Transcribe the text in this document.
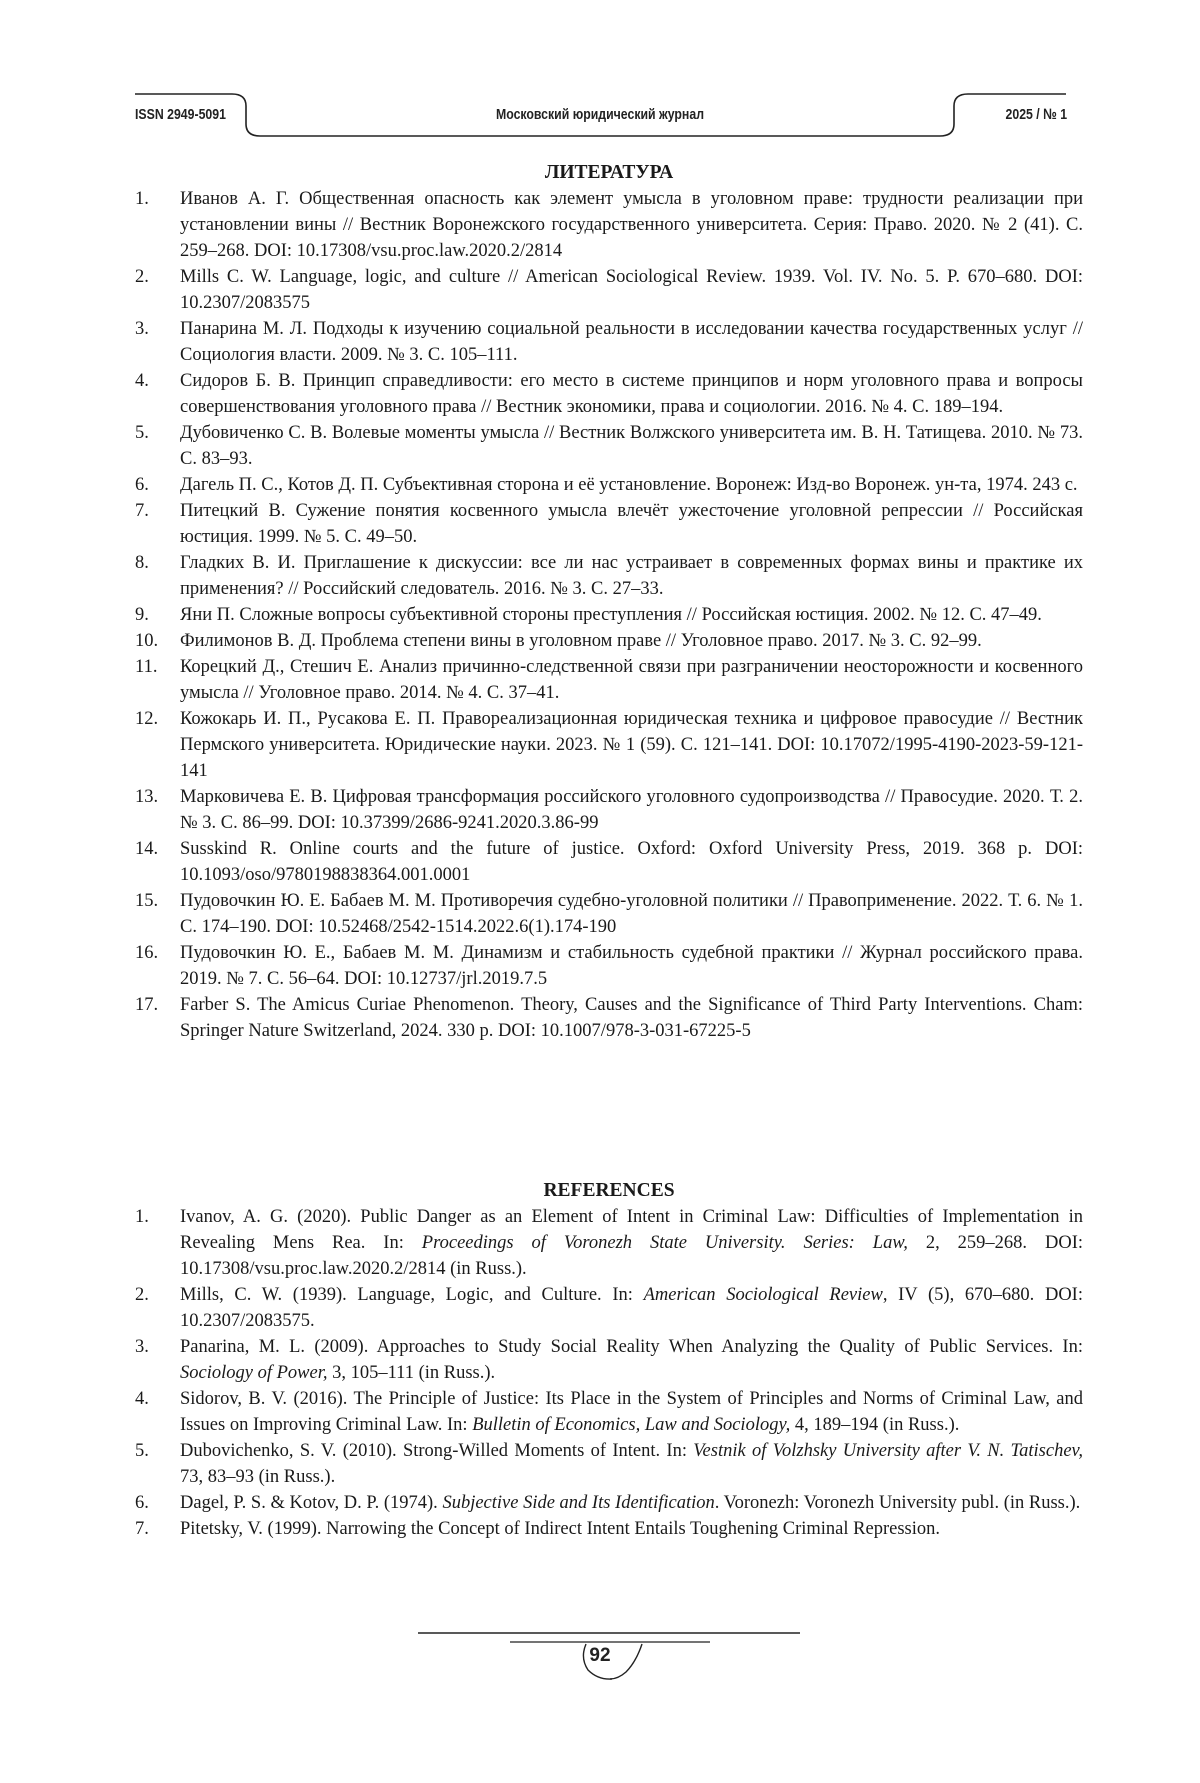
ISSN 2949-5091	Московский юридический журнал	2025 / № 1
ЛИТЕРАТУРА
1. Иванов А. Г. Общественная опасность как элемент умысла в уголовном праве: трудности реализации при установлении вины // Вестник Воронежского государственного университета. Серия: Право. 2020. № 2 (41). С. 259–268. DOI: 10.17308/vsu.proc.law.2020.2/2814
2. Mills C. W. Language, logic, and culture // American Sociological Review. 1939. Vol. IV. No. 5. P. 670–680. DOI: 10.2307/2083575
3. Панарина М. Л. Подходы к изучению социальной реальности в исследовании качества государственных услуг // Социология власти. 2009. № 3. С. 105–111.
4. Сидоров Б. В. Принцип справедливости: его место в системе принципов и норм уголовного права и вопросы совершенствования уголовного права // Вестник экономики, права и социологии. 2016. № 4. С. 189–194.
5. Дубовиченко С. В. Волевые моменты умысла // Вестник Волжского университета им. В. Н. Татищева. 2010. № 73. С. 83–93.
6. Дагель П. С., Котов Д. П. Субъективная сторона и её установление. Воронеж: Изд-во Воронеж. ун-та, 1974. 243 с.
7. Питецкий В. Сужение понятия косвенного умысла влечёт ужесточение уголовной репрессии // Российская юстиция. 1999. № 5. С. 49–50.
8. Гладких В. И. Приглашение к дискуссии: все ли нас устраивает в современных формах вины и практике их применения? // Российский следователь. 2016. № 3. С. 27–33.
9. Яни П. Сложные вопросы субъективной стороны преступления // Российская юстиция. 2002. № 12. С. 47–49.
10. Филимонов В. Д. Проблема степени вины в уголовном праве // Уголовное право. 2017. № 3. С. 92–99.
11. Корецкий Д., Стешич Е. Анализ причинно-следственной связи при разграничении неосторожности и косвенного умысла // Уголовное право. 2014. № 4. С. 37–41.
12. Кожокарь И. П., Русакова Е. П. Правореализационная юридическая техника и цифровое правосудие // Вестник Пермского университета. Юридические науки. 2023. № 1 (59). С. 121–141. DOI: 10.17072/1995-4190-2023-59-121-141
13. Марковичева Е. В. Цифровая трансформация российского уголовного судопроизводства // Правосудие. 2020. Т. 2. № 3. С. 86–99. DOI: 10.37399/2686-9241.2020.3.86-99
14. Susskind R. Online courts and the future of justice. Oxford: Oxford University Press, 2019. 368 p. DOI: 10.1093/oso/9780198838364.001.0001
15. Пудовочкин Ю. Е. Бабаев М. М. Противоречия судебно-уголовной политики // Правоприменение. 2022. Т. 6. № 1. С. 174–190. DOI: 10.52468/2542-1514.2022.6(1).174-190
16. Пудовочкин Ю. Е., Бабаев М. М. Динамизм и стабильность судебной практики // Журнал российского права. 2019. № 7. С. 56–64. DOI: 10.12737/jrl.2019.7.5
17. Farber S. The Amicus Curiae Phenomenon. Theory, Causes and the Significance of Third Party Interventions. Cham: Springer Nature Switzerland, 2024. 330 p. DOI: 10.1007/978-3-031-67225-5
REFERENCES
1. Ivanov, A. G. (2020). Public Danger as an Element of Intent in Criminal Law: Difficulties of Implementation in Revealing Mens Rea. In: Proceedings of Voronezh State University. Series: Law, 2, 259–268. DOI: 10.17308/vsu.proc.law.2020.2/2814 (in Russ.).
2. Mills, C. W. (1939). Language, Logic, and Culture. In: American Sociological Review, IV (5), 670–680. DOI: 10.2307/2083575.
3. Panarina, M. L. (2009). Approaches to Study Social Reality When Analyzing the Quality of Public Services. In: Sociology of Power, 3, 105–111 (in Russ.).
4. Sidorov, B. V. (2016). The Principle of Justice: Its Place in the System of Principles and Norms of Criminal Law, and Issues on Improving Criminal Law. In: Bulletin of Economics, Law and Sociology, 4, 189–194 (in Russ.).
5. Dubovichenko, S. V. (2010). Strong-Willed Moments of Intent. In: Vestnik of Volzhsky University after V. N. Tatischev, 73, 83–93 (in Russ.).
6. Dagel, P. S. & Kotov, D. P. (1974). Subjective Side and Its Identification. Voronezh: Voronezh University publ. (in Russ.).
7. Pitetsky, V. (1999). Narrowing the Concept of Indirect Intent Entails Toughening Criminal Repression.
92
